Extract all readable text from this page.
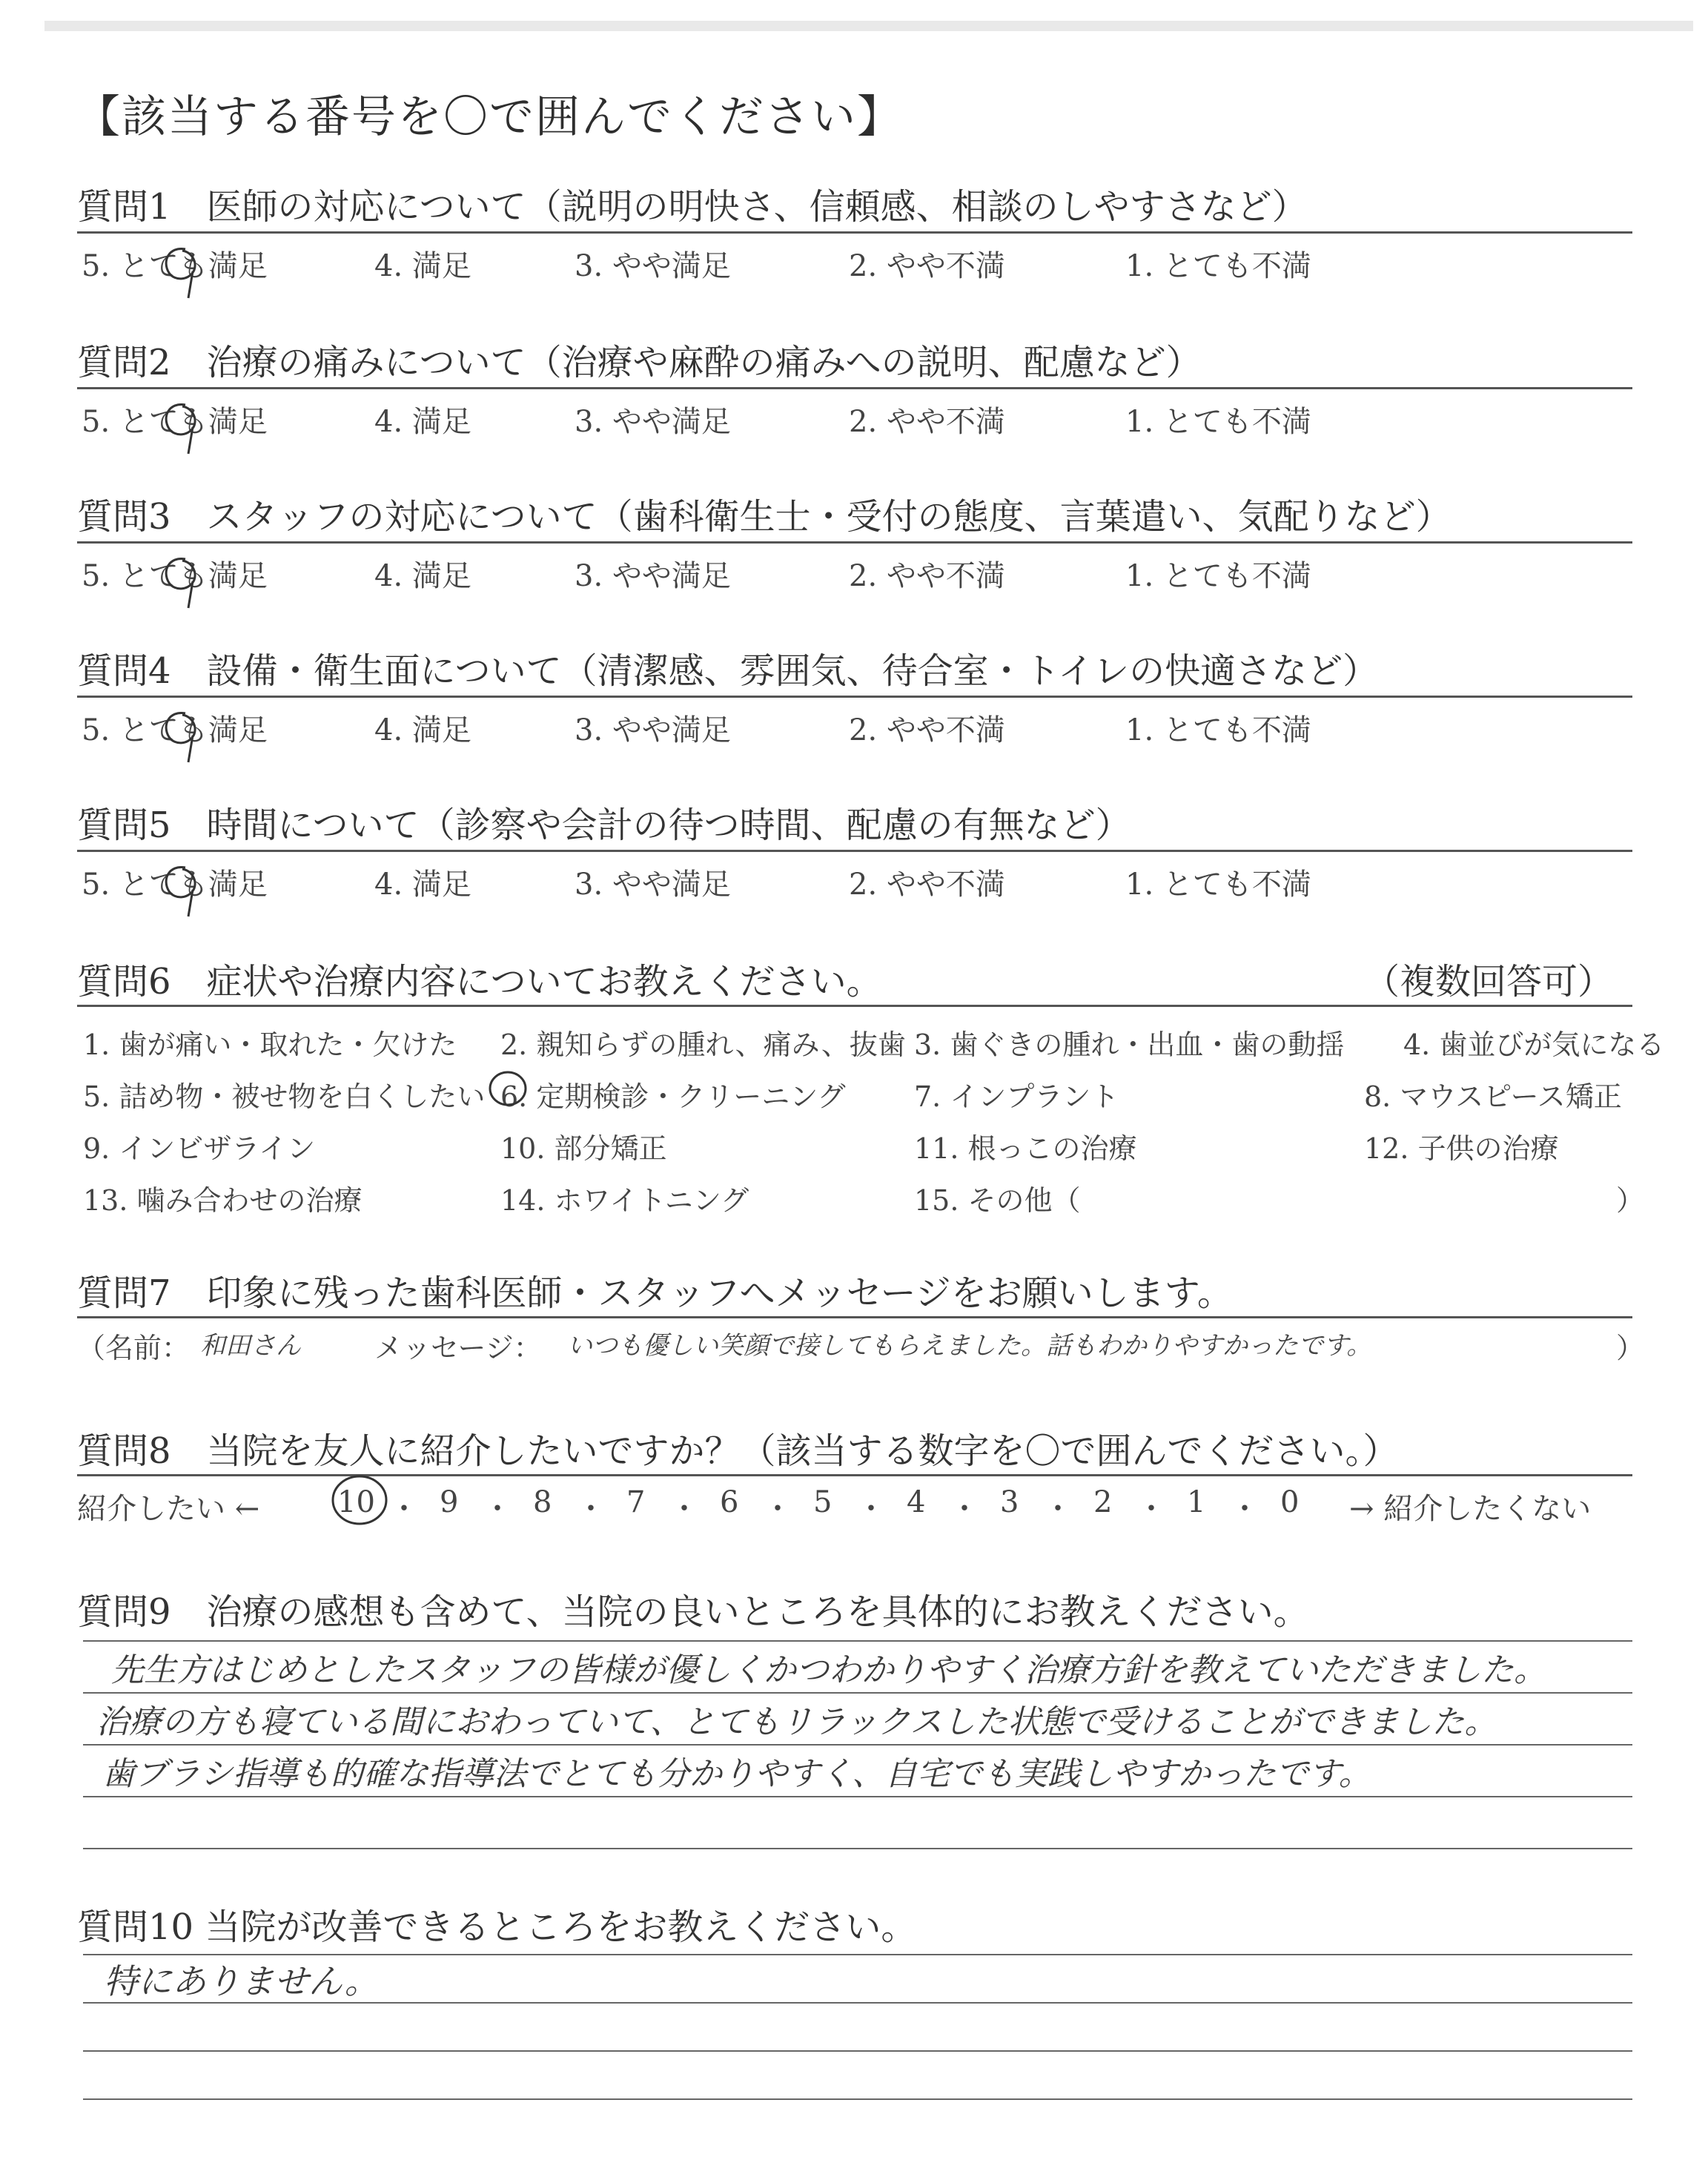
【該当する番号を〇で囲んでください】
質問1　医師の対応について（説明の明快さ、信頼感、相談のしやすさなど）
5. とても満足	4. 満足	3. やや満足	2. やや不満	1. とても不満
質問2　治療の痛みについて（治療や麻酔の痛みへの説明、配慮など）
5. とても満足	4. 満足	3. やや満足	2. やや不満	1. とても不満
質問3　スタッフの対応について（歯科衛生士・受付の態度、言葉遣い、気配りなど）
5. とても満足	4. 満足	3. やや満足	2. やや不満	1. とても不満
質問4　設備・衛生面について（清潔感、雰囲気、待合室・トイレの快適さなど）
5. とても満足	4. 満足	3. やや満足	2. やや不満	1. とても不満
質問5　時間について（診察や会計の待つ時間、配慮の有無など）
5. とても満足	4. 満足	3. やや満足	2. やや不満	1. とても不満
質問6　症状や治療内容についてお教えください。	（複数回答可）
1. 歯が痛い・取れた・欠けた 2. 親知らずの腫れ、痛み、抜歯 3. 歯ぐきの腫れ・出血・歯の動揺 4. 歯並びが気になる
5. 詰め物・被せ物を白くしたい 6. 定期検診・クリーニング 7. インプラント	8. マウスピース矯正
9. インビザライン	10. 部分矯正	11. 根っこの治療	12. 子供の治療
13. 噛み合わせの治療	14. ホワイトニング	15. その他（	）
質問7　印象に残った歯科医師・スタッフへメッセージをお願いします。
（名前： 和田さん	メッセージ： いつも優しい笑顔で接してもらえました。話もわかりやすかったです。	）
質問8　当院を友人に紹介したいですか？（該当する数字を〇で囲んでください。）
紹介したい ←	10 ・ 9 ・ 8 ・ 7 ・ 6 ・ 5 ・ 4 ・ 3 ・ 2 ・ 1 ・ 0 → 紹介したくない
質問9　治療の感想も含めて、当院の良いところを具体的にお教えください。
先生方はじめとしたスタッフの皆様が優しくかつわかりやすく治療方針を教えていただきました。
治療の方も寝ている間におわっていて、とてもリラックスした状態で受けることができました。
歯ブラシ指導も的確な指導法でとても分かりやすく、自宅でも実践しやすかったです。
質問10 当院が改善できるところをお教えください。
特にありません。
